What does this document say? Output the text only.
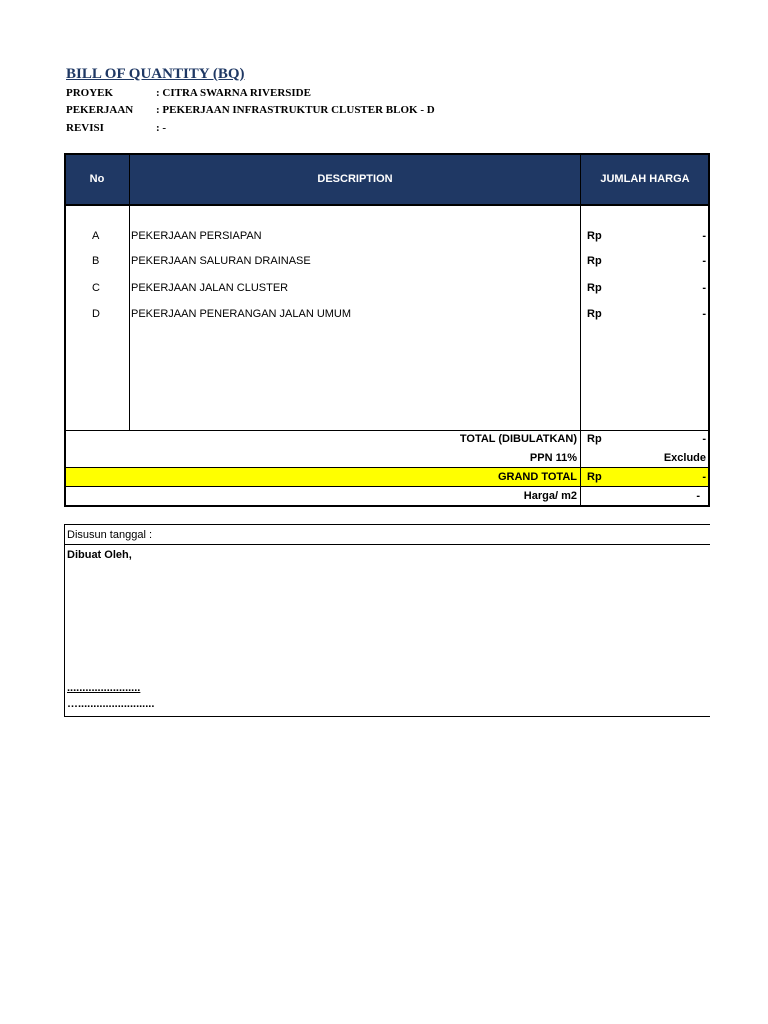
BILL OF QUANTITY (BQ)
PROYEK	: CITRA SWARNA RIVERSIDE
PEKERJAAN : PEKERJAAN INFRASTRUKTUR CLUSTER BLOK - D
REVISI	: -
No	DESCRIPTION	JUMLAH HARGA
A	PEKERJAAN PERSIAPAN	Rp	-
B	PEKERJAAN SALURAN DRAINASE	Rp	-
C	PEKERJAAN JALAN CLUSTER	Rp	-
D	PEKERJAAN PENERANGAN JALAN UMUM	Rp	-
TOTAL (DIBULATKAN) Rp	-
PPN 11%	Exclude
GRAND TOTAL Rp	-
Harga/ m2	-
Disusun tanggal :
Dibuat Oleh,
........................
….........................
